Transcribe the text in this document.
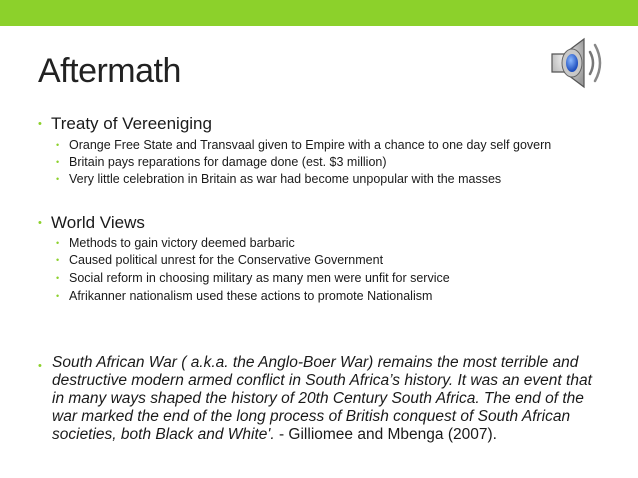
Aftermath
• Treaty of Vereeniging
• Orange Free State and Transvaal given to Empire with a chance to one day self govern
• Britain pays reparations for damage done (est. $3 million)
• Very little celebration in Britain as war had become unpopular with the masses
• World Views
• Methods to gain victory deemed barbaric
• Caused political unrest for the Conservative Government
• Social reform in choosing military as many men were unfit for service
• Afrikanner nationalism used these actions to promote Nationalism
• South African War ( a.k.a. the Anglo-Boer War) remains the most terrible and destructive modern armed conflict in South Africa’s history. It was an event that in many ways shaped the history of 20th Century South Africa. The end of the war marked the end of the long process of British conquest of South African societies, both Black and White'. - Gilliomee and Mbenga (2007).
